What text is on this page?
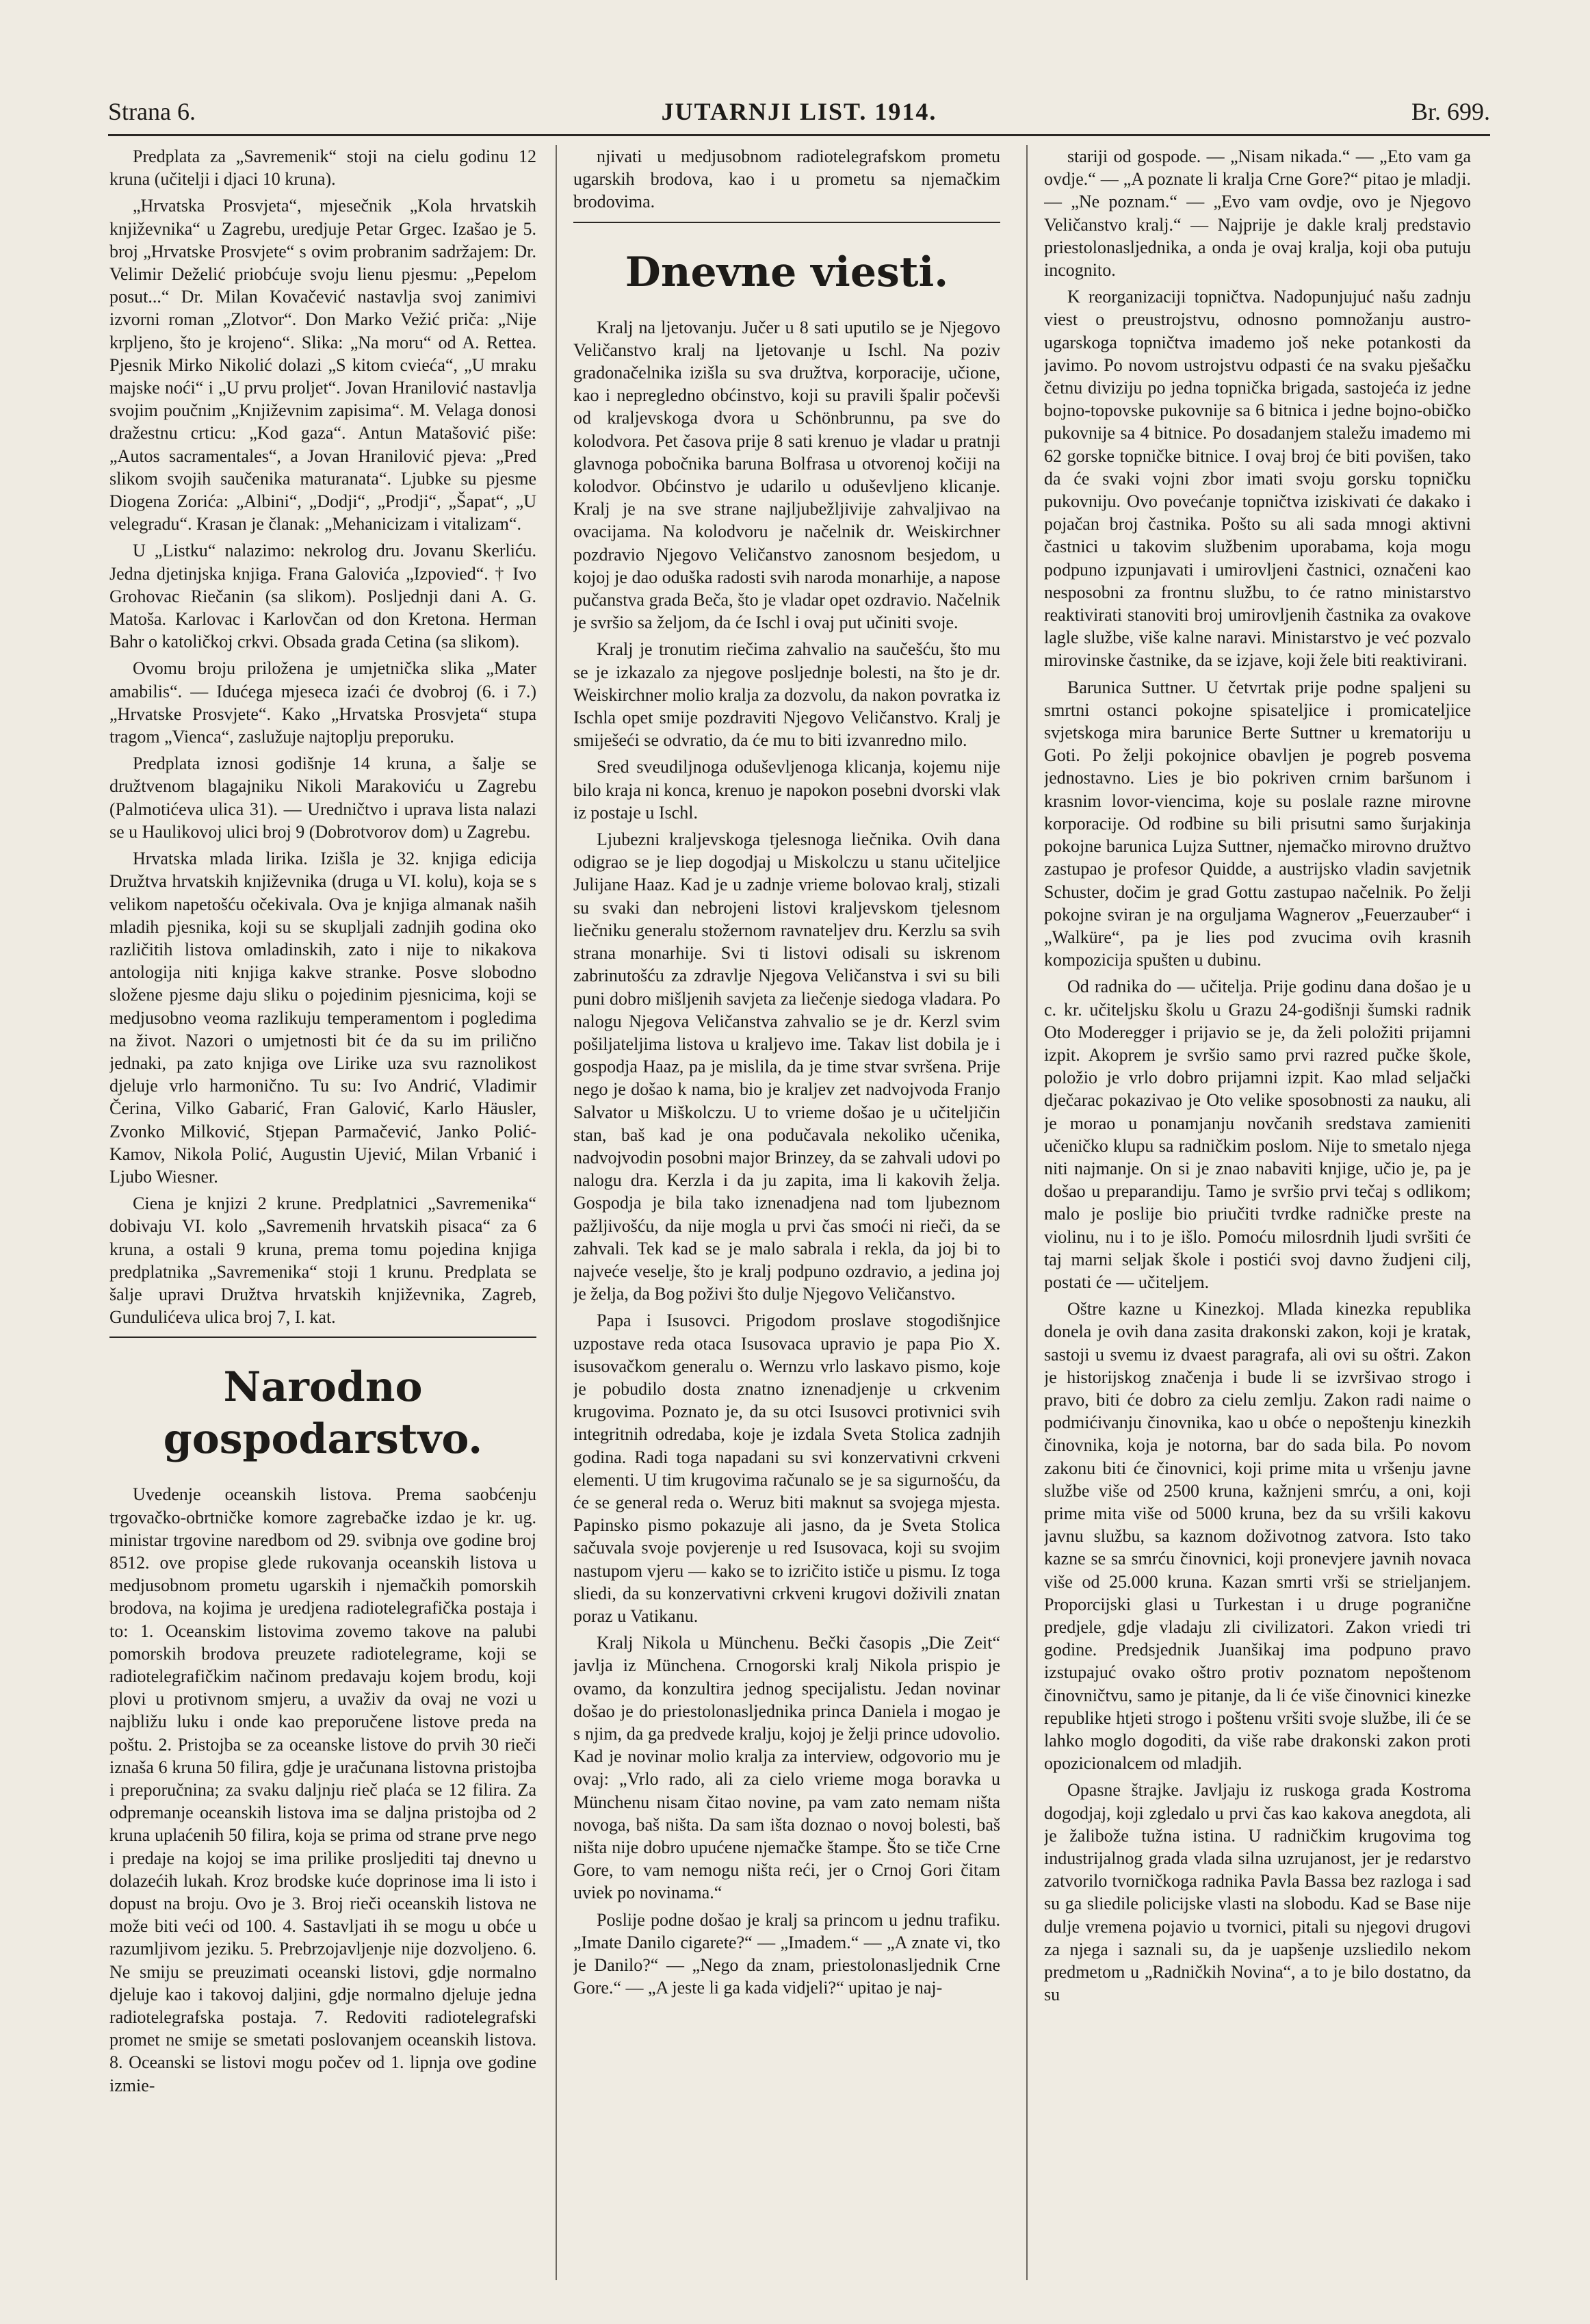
Strana 6.	JUTARNJI LIST. 1914.	Br. 699.

Predplata za „Savremenik“ stoji na cielu godinu 12 kruna (učitelji i djaci 10 kruna).

„Hrvatska Prosvjeta“, mjesečnik „Kola hrvatskih književnika“ u Zagrebu, uredjuje Petar Grgec. Izašao je 5. broj „Hrvatske Prosvjete“ s ovim probranim sadržajem: Dr. Velimir Deželić priobćuje svoju lienu pjesmu: „Pepelom posut...“ Dr. Milan Kovačević nastavlja svoj zanimivi izvorni roman „Zlotvor“. Don Marko Vežić priča: „Nije krpljeno, što je krojeno“. Slika: „Na moru“ od A. Rettea. Pjesnik Mirko Nikolić dolazi „S kitom cvieća“, „U mraku majske noći“ i „U prvu proljet“. Jovan Hranilović nastavlja svojim poučnim „Književnim zapisima“. M. Velaga donosi dražestnu crticu: „Kod gaza“. Antun Matašović piše: „Autos sacramentales“, a Jovan Hranilović pjeva: „Pred slikom svojih saučenika maturanata“. Ljubke su pjesme Diogena Zorića: „Albini“, „Dodji“, „Prodji“, „Šapat“, „U velegradu“. Krasan je članak: „Mehanicizam i vitalizam“.

U „Listku“ nalazimo: nekrolog dru. Jovanu Skerliću. Jedna djetinjska knjiga. Frana Galovića „Izpovied“. † Ivo Grohovac Riečanin (sa slikom). Posljednji dani A. G. Matoša. Karlovac i Karlovčan od don Kretona. Herman Bahr o katoličkoj crkvi. Obsada grada Cetina (sa slikom).

Ovomu broju priložena je umjetnička slika „Mater amabilis“. — Idućega mjeseca izaći će dvobroj (6. i 7.) „Hrvatske Prosvjete“. Kako „Hrvatska Prosvjeta“ stupa tragom „Vienca“, zaslužuje najtoplju preporuku.

Predplata iznosi godišnje 14 kruna, a šalje se družtvenom blagajniku Nikoli Marakoviću u Zagrebu (Palmotićeva ulica 31). — Uredničtvo i uprava lista nalazi se u Haulikovoj ulici broj 9 (Dobrotvorov dom) u Zagrebu.

Hrvatska mlada lirika. Izišla je 32. knjiga edicija Družtva hrvatskih književnika (druga u VI. kolu), koja se s velikom napetošću očekivala. Ova je knjiga almanak naših mladih pjesnika, koji su se skupljali zadnjih godina oko različitih listova omladinskih, zato i nije to nikakova antologija niti knjiga kakve stranke. Posve slobodno složene pjesme daju sliku o pojedinim pjesnicima, koji se medjusobno veoma razlikuju temperamentom i pogledima na život. Nazori o umjetnosti bit će da su im prilično jednaki, pa zato knjiga ove Lirike uza svu raznolikost djeluje vrlo harmonično. Tu su: Ivo Andrić, Vladimir Čerina, Vilko Gabarić, Fran Galović, Karlo Häusler, Zvonko Milković, Stjepan Parmačević, Janko Polić-Kamov, Nikola Polić, Augustin Ujević, Milan Vrbanić i Ljubo Wiesner.

Ciena je knjizi 2 krune. Predplatnici „Savremenika“ dobivaju VI. kolo „Savremenih hrvatskih pisaca“ za 6 kruna, a ostali 9 kruna, prema tomu pojedina knjiga predplatnika „Savremenika“ stoji 1 krunu. Predplata se šalje upravi Družtva hrvatskih književnika, Zagreb, Gundulićeva ulica broj 7, I. kat.

Narodno gospodarstvo.

Uvedenje oceanskih listova. Prema saobćenju trgovačko-obrtničke komore zagrebačke izdao je kr. ug. ministar trgovine naredbom od 29. svibnja ove godine broj 8512. ove propise glede rukovanja oceanskih listova u medjusobnom prometu ugarskih i njemačkih pomorskih brodova, na kojima je uredjena radiotelegrafička postaja i to: 1. Oceanskim listovima zovemo takove na palubi pomorskih brodova preuzete radiotelegrame, koji se radiotelegrafičkim načinom predavaju kojem brodu, koji plovi u protivnom smjeru, a uvaživ da ovaj ne vozi u najbližu luku i onde kao preporučene listove preda na poštu. 2. Pristojba se za oceanske listove do prvih 30 rieči iznaša 6 kruna 50 filira, gdje je uračunana listovna pristojba i preporučnina; za svaku daljnju rieč plaća se 12 filira. Za odpremanje oceanskih listova ima se daljna pristojba od 2 kruna uplaćenih 50 filira, koja se prima od strane prve nego i predaje na kojoj se ima prilike prosljediti taj dnevno u dolazećih lukah. Kroz brodske kuće doprinose ima li isto i dopust na broju. Ovo je 3. Broj rieči oceanskih listova ne može biti veći od 100. 4. Sastavljati ih se mogu u obće u razumljivom jeziku. 5. Prebrzojavljenje nije dozvoljeno. 6. Ne smiju se preuzimati oceanski listovi, gdje normalno djeluje kao i takovoj daljini, gdje normalno djeluje jedna radiotelegrafska postaja. 7. Redoviti radiotelegrafski promet ne smije se smetati poslovanjem oceanskih listova. 8. Oceanski se listovi mogu počev od 1. lipnja ove godine izmie-

njivati u medjusobnom radiotelegrafskom prometu ugarskih brodova, kao i u prometu sa njemačkim brodovima.

Dnevne viesti.

Kralj na ljetovanju. Jučer u 8 sati uputilo se je Njegovo Veličanstvo kralj na ljetovanje u Ischl. Na poziv gradonačelnika izišla su sva družtva, korporacije, učione, kao i nepregledno obćinstvo, koji su pravili špalir počevši od kraljevskoga dvora u Schönbrunnu, pa sve do kolodvora. Pet časova prije 8 sati krenuo je vladar u pratnji glavnoga pobočnika baruna Bolfrasa u otvorenoj kočiji na kolodvor. Obćinstvo je udarilo u oduševljeno klicanje. Kralj je na sve strane najljubežljivije zahvaljivao na ovacijama. Na kolodvoru je načelnik dr. Weiskirchner pozdravio Njegovo Veličanstvo zanosnom besjedom, u kojoj je dao oduška radosti svih naroda monarhije, a napose pučanstva grada Beča, što je vladar opet ozdravio. Načelnik je svršio sa željom, da će Ischl i ovaj put učiniti svoje.

Kralj je tronutim riečima zahvalio na saučešću, što mu se je izkazalo za njegove posljednje bolesti, na što je dr. Weiskirchner molio kralja za dozvolu, da nakon povratka iz Ischla opet smije pozdraviti Njegovo Veličanstvo. Kralj je smiješeći se odvratio, da će mu to biti izvanredno milo.

Sred sveudiljnoga oduševljenoga klicanja, kojemu nije bilo kraja ni konca, krenuo je napokon posebni dvorski vlak iz postaje u Ischl.

Ljubezni kraljevskoga tjelesnoga liečnika. Ovih dana odigrao se je liep dogodjaj u Miskolczu u stanu učiteljice Julijane Haaz. Kad je u zadnje vrieme bolovao kralj, stizali su svaki dan nebrojeni listovi kraljevskom tjelesnom liečniku generalu stožernom ravnateljev dru. Kerzlu sa svih strana monarhije. Svi ti listovi odisali su iskrenom zabrinutošću za zdravlje Njegova Veličanstva i svi su bili puni dobro mišljenih savjeta za liečenje siedoga vladara. Po nalogu Njegova Veličanstva zahvalio se je dr. Kerzl svim pošiljateljima listova u kraljevo ime. Takav list dobila je i gospodja Haaz, pa je mislila, da je time stvar svršena. Prije nego je došao k nama, bio je kraljev zet nadvojvoda Franjo Salvator u Miškolczu. U to vrieme došao je u učiteljičin stan, baš kad je ona podučavala nekoliko učenika, nadvojvodin posobni major Brinzey, da se zahvali udovi po nalogu dra. Kerzla i da ju zapita, ima li kakovih želja. Gospodja je bila tako iznenadjena nad tom ljubeznom pažljivošću, da nije mogla u prvi čas smoći ni rieči, da se zahvali. Tek kad se je malo sabrala i rekla, da joj bi to najveće veselje, što je kralj podpuno ozdravio, a jedina joj je želja, da Bog poživi što dulje Njegovo Veličanstvo.

Papa i Isusovci. Prigodom proslave stogodišnjice uzpostave reda otaca Isusovaca upravio je papa Pio X. isusovačkom generalu o. Wernzu vrlo laskavo pismo, koje je pobudilo dosta znatno iznenadjenje u crkvenim krugovima. Poznato je, da su otci Isusovci protivnici svih integritnih odredaba, koje je izdala Sveta Stolica zadnjih godina. Radi toga napadani su svi konzervativni crkveni elementi. U tim krugovima računalo se je sa sigurnošću, da će se general reda o. Weruz biti maknut sa svojega mjesta. Papinsko pismo pokazuje ali jasno, da je Sveta Stolica sačuvala svoje povjerenje u red Isusovaca, koji su svojim nastupom vjeru — kako se to izričito ističe u pismu. Iz toga sliedi, da su konzervativni crkveni krugovi doživili znatan poraz u Vatikanu.

Kralj Nikola u Münchenu. Bečki časopis „Die Zeit“ javlja iz Münchena. Crnogorski kralj Nikola prispio je ovamo, da konzultira jednog specijalistu. Jedan novinar došao je do priestolonasljednika princa Daniela i mogao je s njim, da ga predvede kralju, kojoj je želji prince udovolio. Kad je novinar molio kralja za interview, odgovorio mu je ovaj: „Vrlo rado, ali za cielo vrieme moga boravka u Münchenu nisam čitao novine, pa vam zato nemam ništa novoga, baš ništa. Da sam išta doznao o novoj bolesti, baš ništa nije dobro upućene njemačke štampe. Što se tiče Crne Gore, to vam nemogu ništa reći, jer o Crnoj Gori čitam uviek po novinama.“

Poslije podne došao je kralj sa princom u jednu trafiku. „Imate Danilo cigarete?“ — „Imadem.“ — „A znate vi, tko je Danilo?“ — „Nego da znam, priestolonasljednik Crne Gore.“ — „A jeste li ga kada vidjeli?“ upitao je naj-

stariji od gospode. — „Nisam nikada.“ — „Eto vam ga ovdje.“ — „A poznate li kralja Crne Gore?“ pitao je mladji. — „Ne poznam.“ — „Evo vam ovdje, ovo je Njegovo Veličanstvo kralj.“ — Najprije je dakle kralj predstavio priestolonasljednika, a onda je ovaj kralja, koji oba putuju incognito.

K reorganizaciji topničtva. Nadopunjujuć našu zadnju viest o preustrojstvu, odnosno pomnožanju austro-ugarskoga topničtva imademo još neke potankosti da javimo. Po novom ustrojstvu odpasti će na svaku pješačku četnu diviziju po jedna topnička brigada, sastojeća iz jedne bojno-topovske pukovnije sa 6 bitnica i jedne bojno-običko pukovnije sa 4 bitnice. Po dosadanjem staležu imademo mi 62 gorske topničke bitnice. I ovaj broj će biti povišen, tako da će svaki vojni zbor imati svoju gorsku topničku pukovniju. Ovo povećanje topničtva iziskivati će dakako i pojačan broj častnika. Pošto su ali sada mnogi aktivni častnici u takovim službenim uporabama, koja mogu podpuno izpunjavati i umirovljeni častnici, označeni kao nesposobni za frontnu službu, to će ratno ministarstvo reaktivirati stanoviti broj umirovljenih častnika za ovakove lagle službe, više kalne naravi. Ministarstvo je već pozvalo mirovinske častnike, da se izjave, koji žele biti reaktivirani.

Barunica Suttner. U četvrtak prije podne spaljeni su smrtni ostanci pokojne spisateljice i promicateljice svjetskoga mira barunice Berte Suttner u krematoriju u Goti. Po želji pokojnice obavljen je pogreb posvema jednostavno. Lies je bio pokriven crnim baršunom i krasnim lovor-viencima, koje su poslale razne mirovne korporacije. Od rodbine su bili prisutni samo šurjakinja pokojne barunica Lujza Suttner, njemačko mirovno družtvo zastupao je profesor Quidde, a austrijsko vladin savjetnik Schuster, dočim je grad Gottu zastupao načelnik. Po želji pokojne sviran je na orguljama Wagnerov „Feuerzauber“ i „Walküre“, pa je lies pod zvucima ovih krasnih kompozicija spušten u dubinu.

Od radnika do — učitelja. Prije godinu dana došao je u c. kr. učiteljsku školu u Grazu 24-godišnji šumski radnik Oto Moderegger i prijavio se je, da želi položiti prijamni izpit. Akoprem je svršio samo prvi razred pučke škole, položio je vrlo dobro prijamni izpit. Kao mlad seljački dječarac pokazivao je Oto velike sposobnosti za nauku, ali je morao u ponamjanju novčanih sredstava zamieniti učeničko klupu sa radničkim poslom. Nije to smetalo njega niti najmanje. On si je znao nabaviti knjige, učio je, pa je došao u preparandiju. Tamo je svršio prvi tečaj s odlikom; malo je poslije bio priučiti tvrdke radničke preste na violinu, nu i to je išlo. Pomoću milosrdnih ljudi svršiti će taj marni seljak škole i postići svoj davno žudjeni cilj, postati će — učiteljem.

Oštre kazne u Kinezkoj. Mlada kinezka republika donela je ovih dana zasita drakonski zakon, koji je kratak, sastoji u svemu iz dvaest paragrafa, ali ovi su oštri. Zakon je historijskog značenja i bude li se izvršivao strogo i pravo, biti će dobro za cielu zemlju. Zakon radi naime o podmićivanju činovnika, kao u obće o nepoštenju kinezkih činovnika, koja je notorna, bar do sada bila. Po novom zakonu biti će činovnici, koji prime mita u vršenju javne službe više od 2500 kruna, kažnjeni smrću, a oni, koji prime mita više od 5000 kruna, bez da su vršili kakovu javnu službu, sa kaznom doživotnog zatvora. Isto tako kazne se sa smrću činovnici, koji pronevjere javnih novaca više od 25.000 kruna. Kazan smrti vrši se strieljanjem. Proporcijski glasi u Turkestan i u druge pogranične predjele, gdje vladaju zli civilizatori. Zakon vriedi tri godine. Predsjednik Juanšikaj ima podpuno pravo izstupajuć ovako oštro protiv poznatom nepoštenom činovničtvu, samo je pitanje, da li će više činovnici kinezke republike htjeti strogo i poštenu vršiti svoje službe, ili će se lahko moglo dogoditi, da više rabe drakonski zakon proti opozicionalcem od mladjih.

Opasne štrajke. Javljaju iz ruskoga grada Kostroma dogodjaj, koji zgledalo u prvi čas kao kakova anegdota, ali je žalibože tužna istina. U radničkim krugovima tog industrijalnog grada vlada silna uzrujanost, jer je redarstvo zatvorilo tvorničkoga radnika Pavla Bassa bez razloga i sad su ga sliedile policijske vlasti na slobodu. Kad se Base nije dulje vremena pojavio u tvornici, pitali su njegovi drugovi za njega i saznali su, da je uapšenje uzsliedilo nekom predmetom u „Radničkih Novina“, a to je bilo dostatno, da su
